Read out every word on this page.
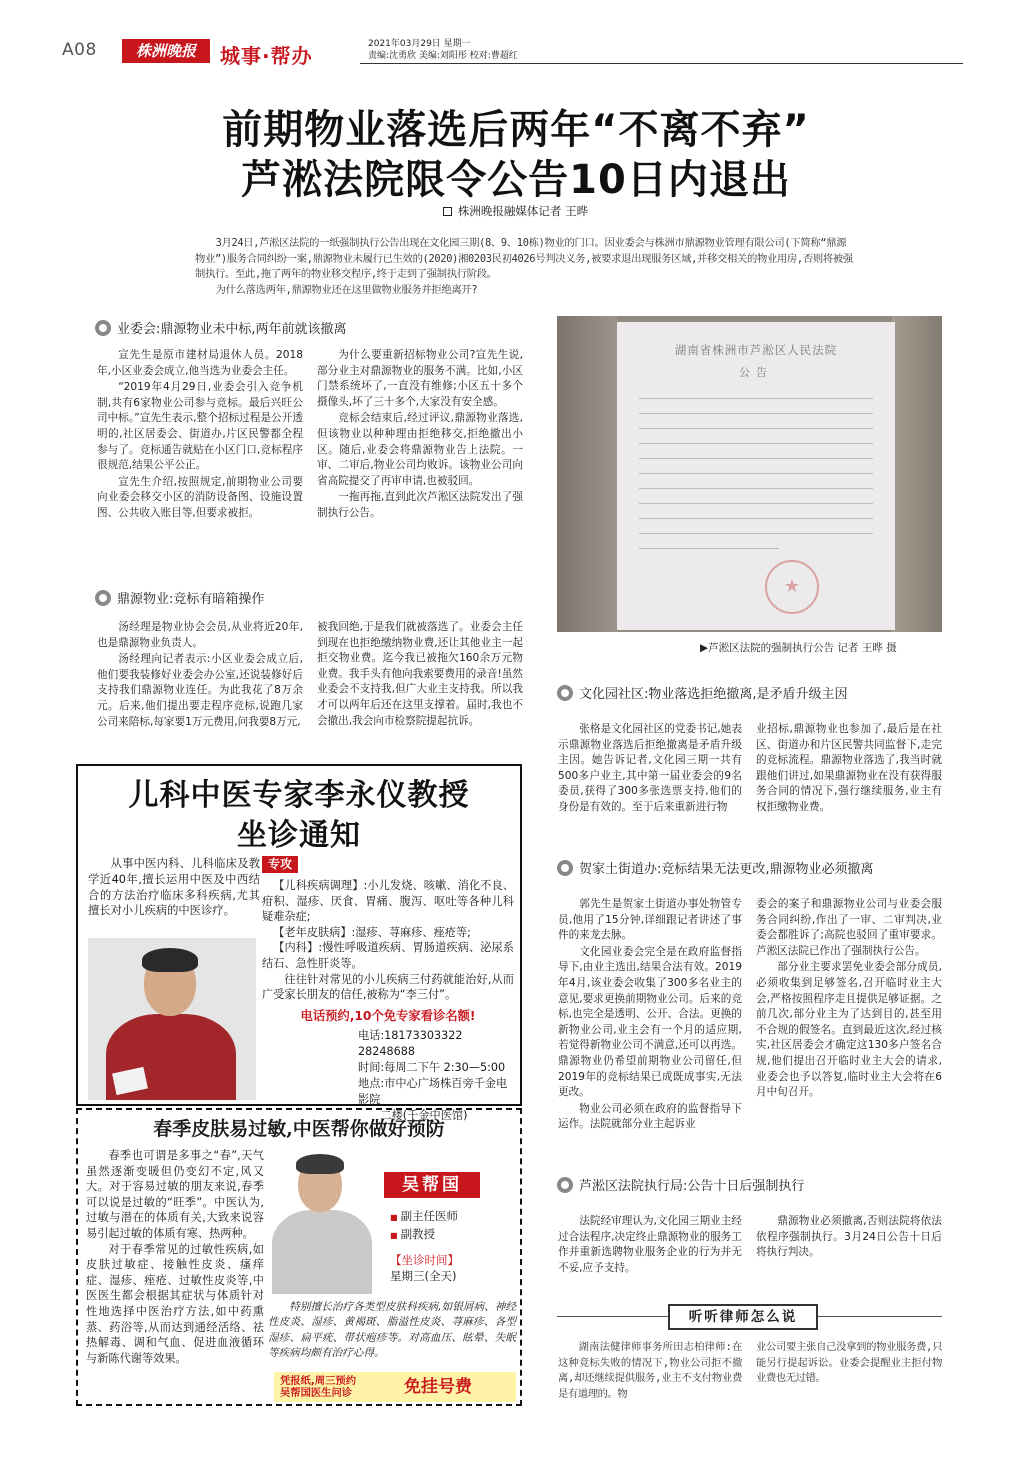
A08	株洲晚报	城事·帮办	2021年03月29日 星期一
责编:沈勇欣 美编:刘阳彤 校对:曹超红
前期物业落选后两年“不离不弃”
芦淞法院限令公告10日内退出
株洲晚报融媒体记者 王晔

3月24日,芦淞区法院的一纸强制执行公告出现在文化园三期(8、9、10栋)物业的门口。因业委会与株洲市鼎源物业管理有限公司(下简称“鼎源物业”)服务合同纠纷一案,鼎源物业未履行已生效的(2020)湘0203民初4026号判决义务,被要求退出现服务区域,并移交相关的物业用房,否则将被强制执行。至此,拖了两年的物业移交程序,终于走到了强制执行阶段。

为什么落选两年,鼎源物业还在这里做物业服务并拒绝离开?

业委会:鼎源物业未中标,两年前就该撤离

宣先生是原市建材局退休人员。2018年,小区业委会成立,他当选为业委会主任。

“2019年4月29日,业委会引入竞争机制,共有6家物业公司参与竞标。最后兴旺公司中标。”宣先生表示,整个招标过程是公开透明的,社区居委会、街道办,片区民警都全程参与了。竞标通告就贴在小区门口,竞标程序很规范,结果公平公正。

宣先生介绍,按照规定,前期物业公司要向业委会移交小区的消防设备图、设施设置图、公共收入账目等,但要求被拒。

为什么要重新招标物业公司?宣先生说,部分业主对鼎源物业的服务不满。比如,小区门禁系统坏了,一直没有维修;小区五十多个摄像头,坏了三十多个,大家没有安全感。

竞标会结束后,经过评议,鼎源物业落选,但该物业以种种理由拒绝移交,拒绝撤出小区。随后,业委会将鼎源物业告上法院。一审、二审后,物业公司均败诉。该物业公司向省高院提交了再审申请,也被驳回。

一拖再拖,直到此次芦淞区法院发出了强制执行公告。

鼎源物业:竞标有暗箱操作

汤经理是物业协会会员,从业将近20年,也是鼎源物业负责人。

汤经理向记者表示:小区业委会成立后,他们要我装修好业委会办公室,还说装修好后支持我们鼎源物业连任。为此我花了8万余元。后来,他们提出要走程序竞标,说跑几家公司来陪标,每家要1万元费用,问我要8万元,

被我回绝,于是我们就被落选了。业委会主任到现在也拒绝缴纳物业费,还让其他业主一起拒交物业费。迄今我已被拖欠160余万元物业费。我手头有他向我索要费用的录音!虽然业委会不支持我,但广大业主支持我。所以我才可以两年后还在这里支撑着。届时,我也不会撤出,我会向市检察院提起抗诉。

湖南省株洲市芦淞区人民法院
公告
★
▶芦淞区法院的强制执行公告 记者 王晔 摄
文化园社区:物业落选拒绝撤离,是矛盾升级主因

张格是文化园社区的党委书记,她表示鼎源物业落选后拒绝撤离是矛盾升级主因。她告诉记者,文化园三期一共有500多户业主,其中第一届业委会的9名委员,获得了300多张选票支持,他们的身份是有效的。至于后来重新进行物

业招标,鼎源物业也参加了,最后是在社区、街道办和片区民警共同监督下,走完的竞标流程。鼎源物业落选了,我当时就跟他们讲过,如果鼎源物业在没有获得服务合同的情况下,强行继续服务,业主有权拒缴物业费。

贺家土街道办:竞标结果无法更改,鼎源物业必须撤离

郭先生是贺家土街道办事处物管专员,他用了15分钟,详细跟记者讲述了事件的来龙去脉。

文化园业委会完全是在政府监督指导下,由业主选出,结果合法有效。2019年4月,该业委会收集了300多名业主的意见,要求更换前期物业公司。后来的竞标,也完全是透明、公开、合法。更换的新物业公司,业主会有一个月的适应期,若觉得新物业公司不满意,还可以再选。鼎源物业仍希望前期物业公司留任,但2019年的竞标结果已成既成事实,无法更改。

物业公司必须在政府的监督指导下运作。法院就部分业主起诉业

委会的案子和鼎源物业公司与业委会服务合同纠纷,作出了一审、二审判决,业委会都胜诉了;高院也驳回了重审要求。芦淞区法院已作出了强制执行公告。

部分业主要求罢免业委会部分成员,必须收集到足够签名,召开临时业主大会,严格按照程序走且提供足够证据。之前几次,部分业主为了达到目的,甚至用不合规的假签名。直到最近这次,经过核实,社区居委会才确定这130多户签名合规,他们提出召开临时业主大会的请求,业委会也予以答复,临时业主大会将在6月中旬召开。

芦淞区法院执行局:公告十日后强制执行

法院经审理认为,文化园三期业主经过合法程序,决定终止鼎源物业的服务工作并重新选聘物业服务企业的行为并无不妥,应予支持。

鼎源物业必须撤离,否则法院将依法依程序强制执行。3月24日公告十日后将执行判决。

听听律师怎么说

湖南法健律师事务所田志柏律师:在这种竞标失败的情况下,物业公司拒不撤离,却还继续提供服务,业主不支付物业费是有道理的。物

业公司要主张自己没拿到的物业服务费,只能另行提起诉讼。业委会提醒业主拒付物业费也无过错。

儿科中医专家李永仪教授
坐诊通知

从事中医内科、儿科临床及教学近40年,擅长运用中医及中西结合的方法治疗临床多科疾病,尤其擅长对小儿疾病的中医诊疗。

专攻

【儿科疾病调理】:小儿发烧、咳嗽、消化不良、疳积、湿疹、厌食、胃痛、腹泻、呕吐等各种儿科疑难杂症;

【老年皮肤病】:湿疹、荨麻疹、痤疮等;

【内科】:慢性呼吸道疾病、胃肠道疾病、泌尿系结石、急性肝炎等。

往往针对常见的小儿疾病三付药就能治好,从而广受家长朋友的信任,被称为“李三付”。

电话预约,10个免专家看诊名额!
电话:18173303322 28248688
时间:每周二下午 2:30—5:00
地点:市中心广场株百旁千金电影院
二楼(千金中医馆)
春季皮肤易过敏,中医帮你做好预防

春季也可谓是多事之“春”,天气虽然逐渐变暖但仍变幻不定,风又大。对于容易过敏的朋友来说,春季可以说是过敏的“旺季”。中医认为,过敏与潜在的体质有关,大致来说容易引起过敏的体质有寒、热两种。

对于春季常见的过敏性疾病,如皮肤过敏症、接触性皮炎、瘙痒症、湿疹、痤疮、过敏性皮炎等,中医医生都会根据其症状与体质针对性地选择中医治疗方法,如中药熏蒸、药浴等,从而达到通经活络、祛热解毒、调和气血、促进血液循环与新陈代谢等效果。

吴帮国
■ 副主任医师
■ 副教授
【坐诊时间】
星期三(全天)

特别擅长治疗各类型皮肤科疾病,如银屑病、神经性皮炎、湿疹、黄褐斑、脂溢性皮炎、荨麻疹、各型湿疹、扁平疣、带状疱疹等。对高血压、眩晕、失眠等疾病均颇有治疗心得。

凭报纸,周三预约
吴帮国医生问诊	免挂号费
